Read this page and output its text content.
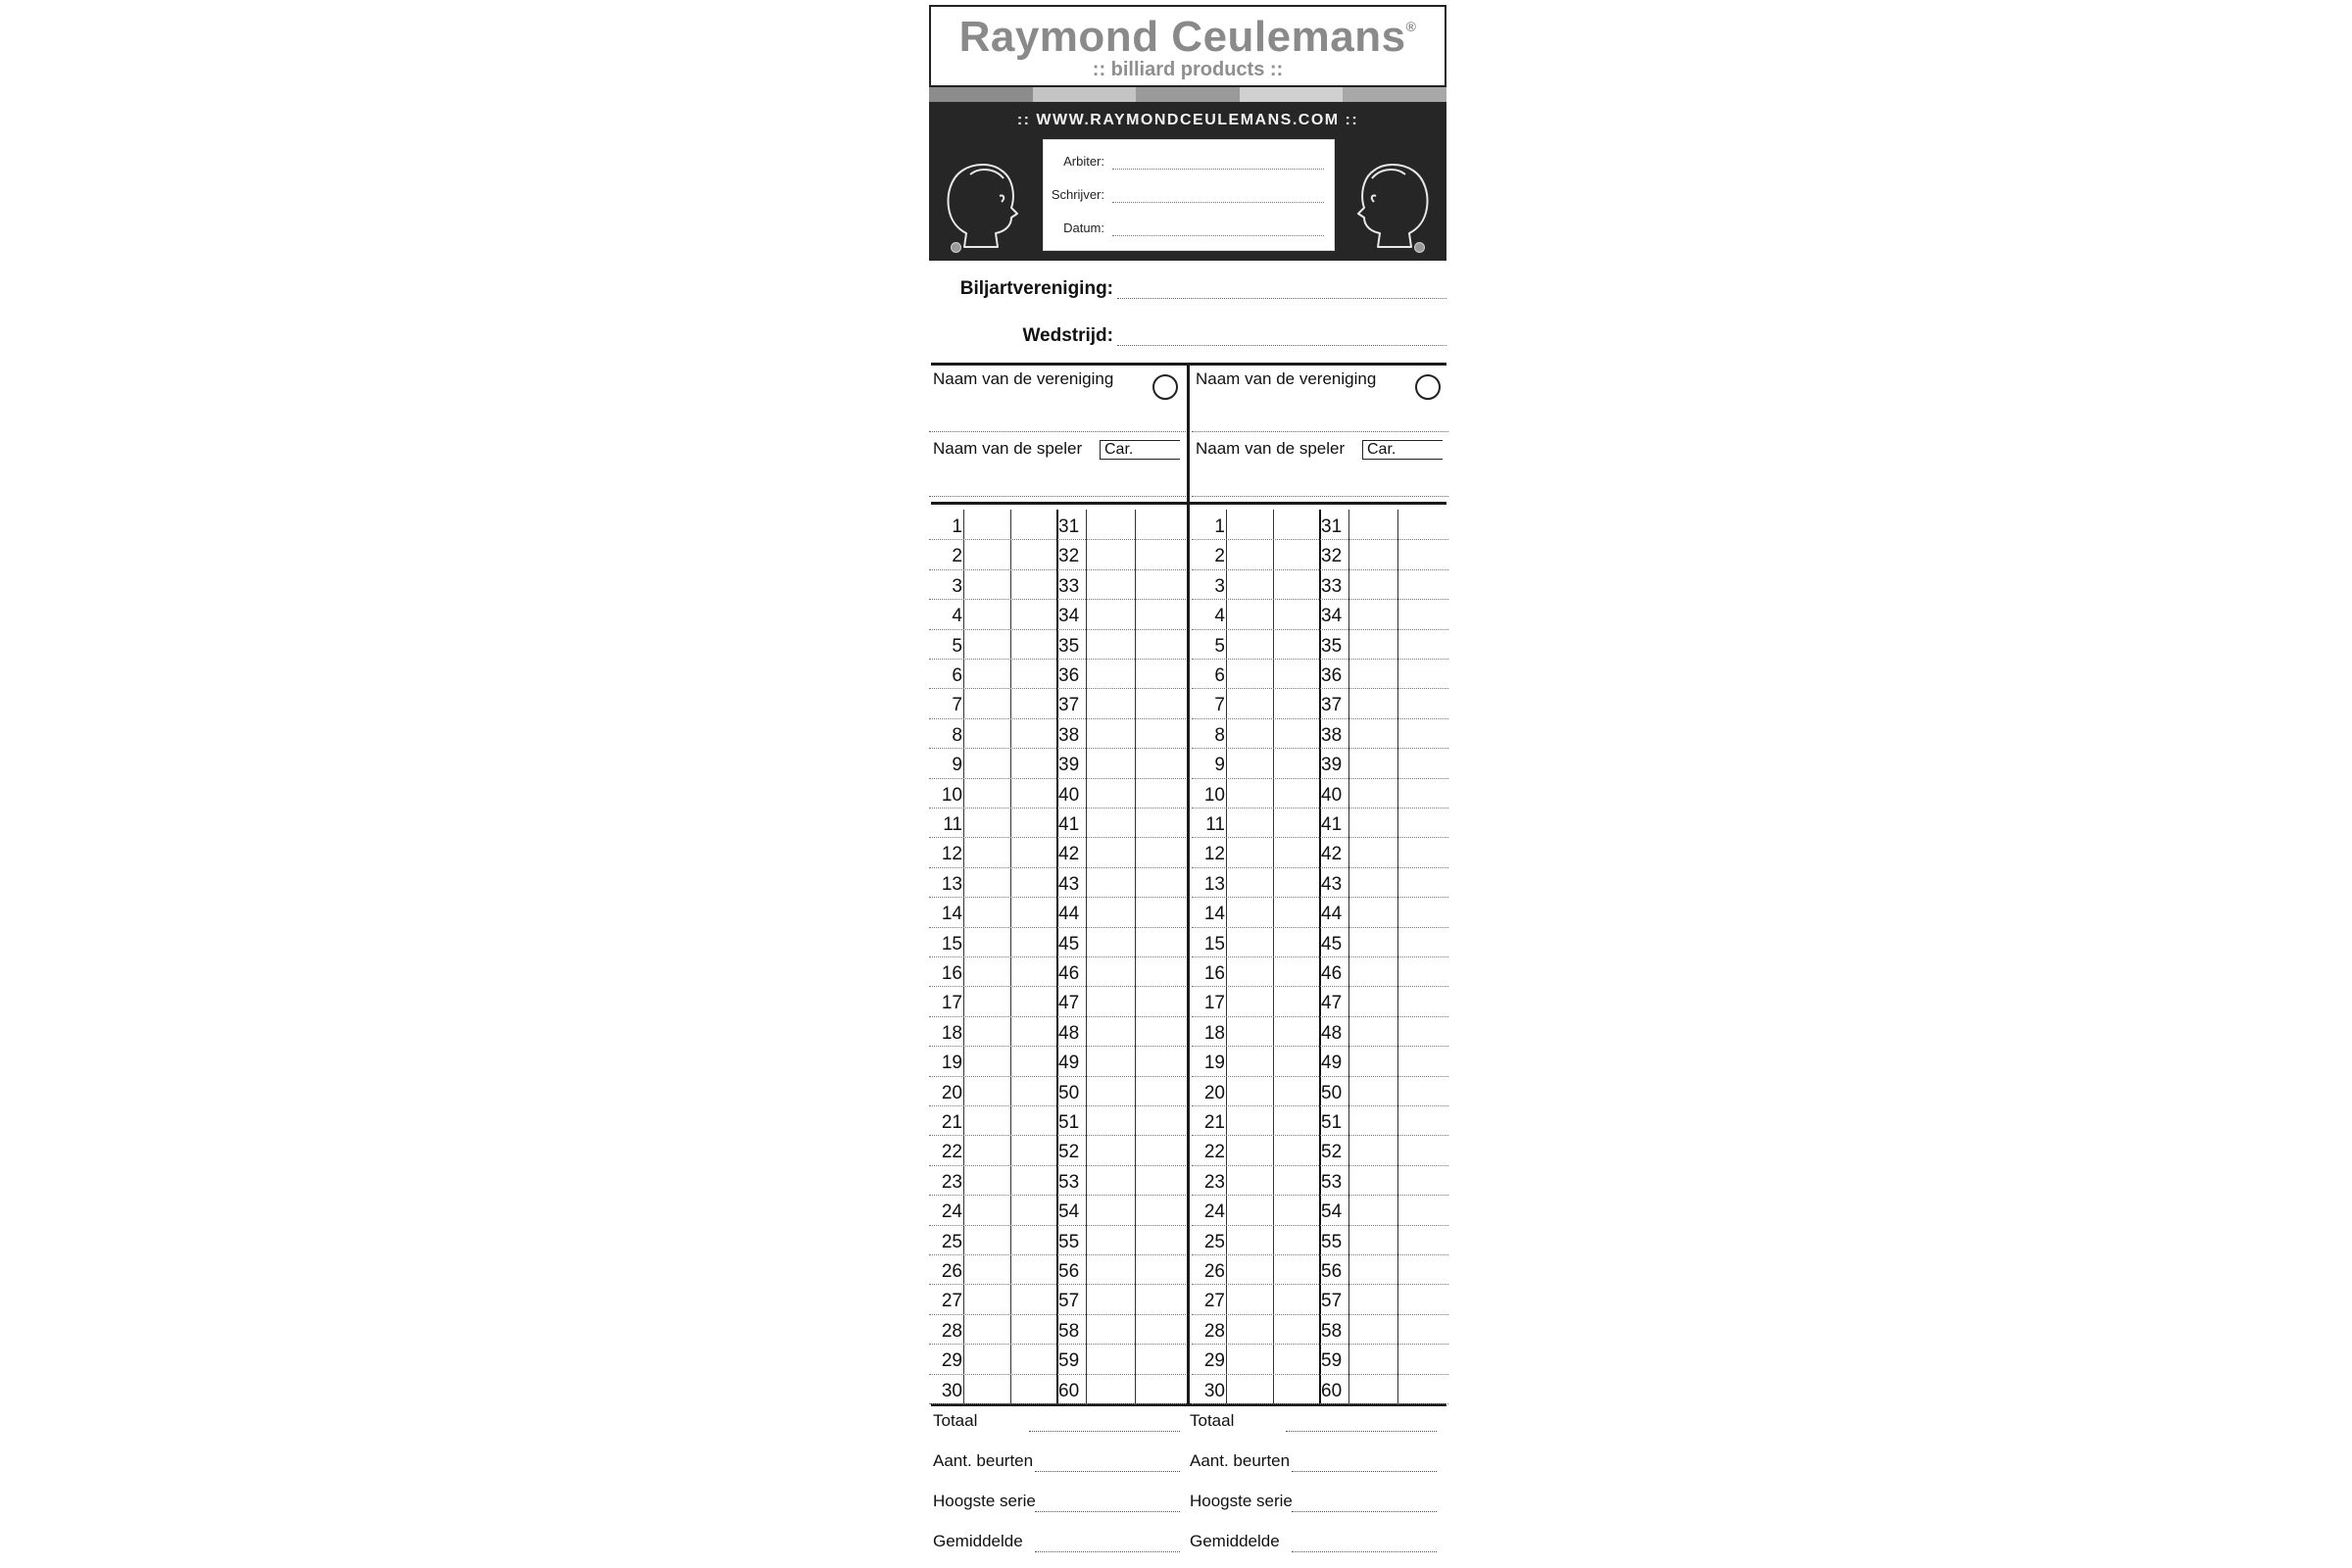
Raymond Ceulemans®
:: billiard products ::
:: WWW.RAYMONDCEULEMANS.COM ::
Arbiter:
Schrijver:
Datum:
Biljartvereniging:
Wedstrijd:
Naam van de vereniging
Naam van de speler	Car.
Naam van de vereniging
Naam van de speler	Car.
1	31
2	32
3	33
4	34
5	35
6	36
7	37
8	38
9	39
10	40
11	41
12	42
13	43
14	44
15	45
16	46
17	47
18	48
19	49
20	50
21	51
22	52
23	53
24	54
25	55
26	56
27	57
28	58
29	59
30	60
1	31
2	32
3	33
4	34
5	35
6	36
7	37
8	38
9	39
10	40
11	41
12	42
13	43
14	44
15	45
16	46
17	47
18	48
19	49
20	50
21	51
22	52
23	53
24	54
25	55
26	56
27	57
28	58
29	59
30	60
Totaal
Aant. beurten
Hoogste serie
Gemiddelde
Totaal
Aant. beurten
Hoogste serie
Gemiddelde
